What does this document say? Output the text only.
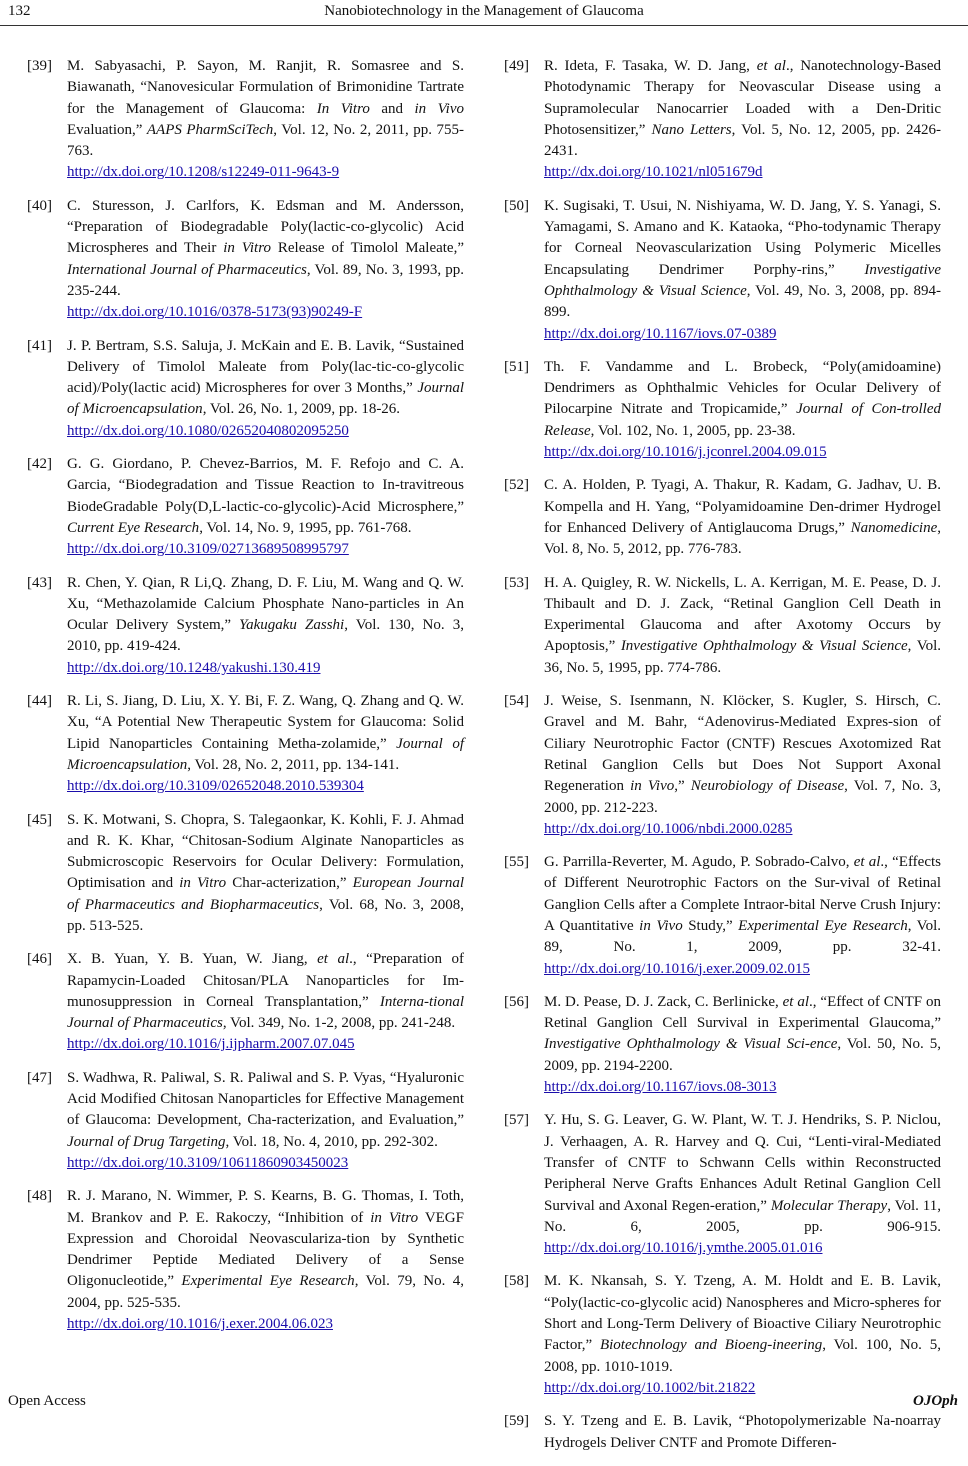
132	Nanobiotechnology in the Management of Glaucoma
[39]	M. Sabyasachi, P. Sayon, M. Ranjit, R. Somasree and S. Biawanath, “Nanovesicular Formulation of Brimonidine Tartrate for the Management of Glaucoma: In Vitro and in Vivo Evaluation,” AAPS PharmSciTech, Vol. 12, No. 2, 2011, pp. 755-763.
http://dx.doi.org/10.1208/s12249-011-9643-9
[40]	C. Sturesson, J. Carlfors, K. Edsman and M. Andersson, “Preparation of Biodegradable Poly(lactic-co-glycolic) Acid Microspheres and Their in Vitro Release of Timolol Maleate,” International Journal of Pharmaceutics, Vol. 89, No. 3, 1993, pp. 235-244.
http://dx.doi.org/10.1016/0378-5173(93)90249-F
[41]	J. P. Bertram, S.S. Saluja, J. McKain and E. B. Lavik, “Sustained Delivery of Timolol Maleate from Poly(lac-tic-co-glycolic acid)/Poly(lactic acid) Microspheres for over 3 Months,” Journal of Microencapsulation, Vol. 26, No. 1, 2009, pp. 18-26.
http://dx.doi.org/10.1080/02652040802095250
[42]	G. G. Giordano, P. Chevez-Barrios, M. F. Refojo and C. A. Garcia, “Biodegradation and Tissue Reaction to In-travitreous BiodeGradable Poly(D,L-lactic-co-glycolic)-Acid Microsphere,” Current Eye Research, Vol. 14, No. 9, 1995, pp. 761-768.
http://dx.doi.org/10.3109/02713689508995797
[43]	R. Chen, Y. Qian, R Li,Q. Zhang, D. F. Liu, M. Wang and Q. W. Xu, “Methazolamide Calcium Phosphate Nano-particles in An Ocular Delivery System,” Yakugaku Zasshi, Vol. 130, No. 3, 2010, pp. 419-424.
http://dx.doi.org/10.1248/yakushi.130.419
[44]	R. Li, S. Jiang, D. Liu, X. Y. Bi, F. Z. Wang, Q. Zhang and Q. W. Xu, “A Potential New Therapeutic System for Glaucoma: Solid Lipid Nanoparticles Containing Metha-zolamide,” Journal of Microencapsulation, Vol. 28, No. 2, 2011, pp. 134-141.
http://dx.doi.org/10.3109/02652048.2010.539304
[45]	S. K. Motwani, S. Chopra, S. Talegaonkar, K. Kohli, F. J. Ahmad and R. K. Khar, “Chitosan-Sodium Alginate Nanoparticles as Submicroscopic Reservoirs for Ocular Delivery: Formulation, Optimisation and in Vitro Char-acterization,” European Journal of Pharmaceutics and Biopharmaceutics, Vol. 68, No. 3, 2008, pp. 513-525.
[46]	X. B. Yuan, Y. B. Yuan, W. Jiang, et al., “Preparation of Rapamycin-Loaded Chitosan/PLA Nanoparticles for Im-munosuppression in Corneal Transplantation,” Interna-tional Journal of Pharmaceutics, Vol. 349, No. 1-2, 2008, pp. 241-248.
http://dx.doi.org/10.1016/j.ijpharm.2007.07.045
[47]	S. Wadhwa, R. Paliwal, S. R. Paliwal and S. P. Vyas, “Hyaluronic Acid Modified Chitosan Nanoparticles for Effective Management of Glaucoma: Development, Cha-racterization, and Evaluation,” Journal of Drug Targeting, Vol. 18, No. 4, 2010, pp. 292-302.
http://dx.doi.org/10.3109/10611860903450023
[48]	R. J. Marano, N. Wimmer, P. S. Kearns, B. G. Thomas, I. Toth, M. Brankov and P. E. Rakoczy, “Inhibition of in Vitro VEGF Expression and Choroidal Neovasculariza-tion by Synthetic Dendrimer Peptide Mediated Delivery of a Sense Oligonucleotide,” Experimental Eye Research, Vol. 79, No. 4, 2004, pp. 525-535.
http://dx.doi.org/10.1016/j.exer.2004.06.023
[49]	R. Ideta, F. Tasaka, W. D. Jang, et al., Nanotechnology-Based Photodynamic Therapy for Neovascular Disease using a Supramolecular Nanocarrier Loaded with a Den-Dritic Photosensitizer,” Nano Letters, Vol. 5, No. 12, 2005, pp. 2426-2431.
http://dx.doi.org/10.1021/nl051679d
[50]	K. Sugisaki, T. Usui, N. Nishiyama, W. D. Jang, Y. S. Yanagi, S. Yamagami, S. Amano and K. Kataoka, “Pho-todynamic Therapy for Corneal Neovascularization Using Polymeric Micelles Encapsulating Dendrimer Porphy-rins,” Investigative Ophthalmology & Visual Science, Vol. 49, No. 3, 2008, pp. 894-899.
http://dx.doi.org/10.1167/iovs.07-0389
[51]	Th. F. Vandamme and L. Brobeck, “Poly(amidoamine) Dendrimers as Ophthalmic Vehicles for Ocular Delivery of Pilocarpine Nitrate and Tropicamide,” Journal of Con-trolled Release, Vol. 102, No. 1, 2005, pp. 23-38.
http://dx.doi.org/10.1016/j.jconrel.2004.09.015
[52]	C. A. Holden, P. Tyagi, A. Thakur, R. Kadam, G. Jadhav, U. B. Kompella and H. Yang, “Polyamidoamine Den-drimer Hydrogel for Enhanced Delivery of Antiglaucoma Drugs,” Nanomedicine, Vol. 8, No. 5, 2012, pp. 776-783.
[53]	H. A. Quigley, R. W. Nickells, L. A. Kerrigan, M. E. Pease, D. J. Thibault and D. J. Zack, “Retinal Ganglion Cell Death in Experimental Glaucoma and after Axotomy Occurs by Apoptosis,” Investigative Ophthalmology & Visual Science, Vol. 36, No. 5, 1995, pp. 774-786.
[54]	J. Weise, S. Isenmann, N. Klöcker, S. Kugler, S. Hirsch, C. Gravel and M. Bahr, “Adenovirus-Mediated Expres-sion of Ciliary Neurotrophic Factor (CNTF) Rescues Axotomized Rat Retinal Ganglion Cells but Does Not Support Axonal Regeneration in Vivo,” Neurobiology of Disease, Vol. 7, No. 3, 2000, pp. 212-223.
http://dx.doi.org/10.1006/nbdi.2000.0285
[55]	G. Parrilla-Reverter, M. Agudo, P. Sobrado-Calvo, et al., “Effects of Different Neurotrophic Factors on the Sur-vival of Retinal Ganglion Cells after a Complete Intraor-bital Nerve Crush Injury: A Quantitative in Vivo Study,” Experimental Eye Research, Vol. 89, No. 1, 2009, pp. 32-41. http://dx.doi.org/10.1016/j.exer.2009.02.015
[56]	M. D. Pease, D. J. Zack, C. Berlinicke, et al., “Effect of CNTF on Retinal Ganglion Cell Survival in Experimental Glaucoma,” Investigative Ophthalmology & Visual Sci-ence, Vol. 50, No. 5, 2009, pp. 2194-2200.
http://dx.doi.org/10.1167/iovs.08-3013
[57]	Y. Hu, S. G. Leaver, G. W. Plant, W. T. J. Hendriks, S. P. Niclou, J. Verhaagen, A. R. Harvey and Q. Cui, “Lenti-viral-Mediated Transfer of CNTF to Schwann Cells within Reconstructed Peripheral Nerve Grafts Enhances Adult Retinal Ganglion Cell Survival and Axonal Regen-eration,” Molecular Therapy, Vol. 11, No. 6, 2005, pp. 906-915. http://dx.doi.org/10.1016/j.ymthe.2005.01.016
[58]	M. K. Nkansah, S. Y. Tzeng, A. M. Holdt and E. B. Lavik, “Poly(lactic-co-glycolic acid) Nanospheres and Micro-spheres for Short and Long-Term Delivery of Bioactive Ciliary Neurotrophic Factor,” Biotechnology and Bioeng-ineering, Vol. 100, No. 5, 2008, pp. 1010-1019.
http://dx.doi.org/10.1002/bit.21822
[59]	S. Y. Tzeng and E. B. Lavik, “Photopolymerizable Na-noarray Hydrogels Deliver CNTF and Promote Differen-
Open Access	OJOph
